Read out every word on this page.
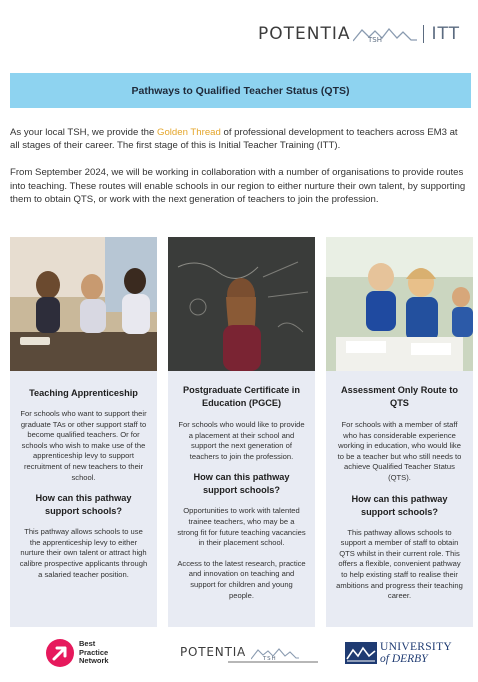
POTENTIA TSH	ITT
Pathways to Qualified Teacher Status (QTS)

As your local TSH, we provide the Golden Thread of professional development to teachers across EM3 at all stages of their career. The first stage of this is Initial Teacher Training (ITT).

From September 2024, we will be working in collaboration with a number of organisations to provide routes into teaching. These routes will enable schools in our region to either nurture their own talent, by supporting them to obtain QTS, or work with the next generation of teachers to join the profession.

Teaching Apprenticeship
For schools who want to support their graduate TAs or other support staff to become qualified teachers. Or for schools who wish to make use of the apprenticeship levy to support recruitment of new teachers to their school.
How can this pathway support schools?
This pathway allows schools to use the apprenticeship levy to either nurture their own talent or attract high calibre prospective applicants through a salaried teacher position.
Postgraduate Certificate in Education (PGCE)
For schools who would like to provide a placement at their school and support the next generation of teachers to join the profession.
How can this pathway support schools?
Opportunities to work with talented trainee teachers, who may be a strong fit for future teaching vacancies in their placement school.
Access to the latest research, practice and innovation on teaching and support for children and young people.
Assessment Only Route to QTS
For schools with a member of staff who has considerable experience working in education, who would like to be a teacher but who still needs to achieve Qualified Teacher Status (QTS).
How can this pathway support schools?
This pathway allows schools to support a member of staff to obtain QTS whilst in their current role. This offers a flexible, convenient pathway to help existing staff to realise their ambitions and progress their teaching career.
Best
Practice
Network
POTENTIA	TSH
UNIVERSITY
of DERBY
